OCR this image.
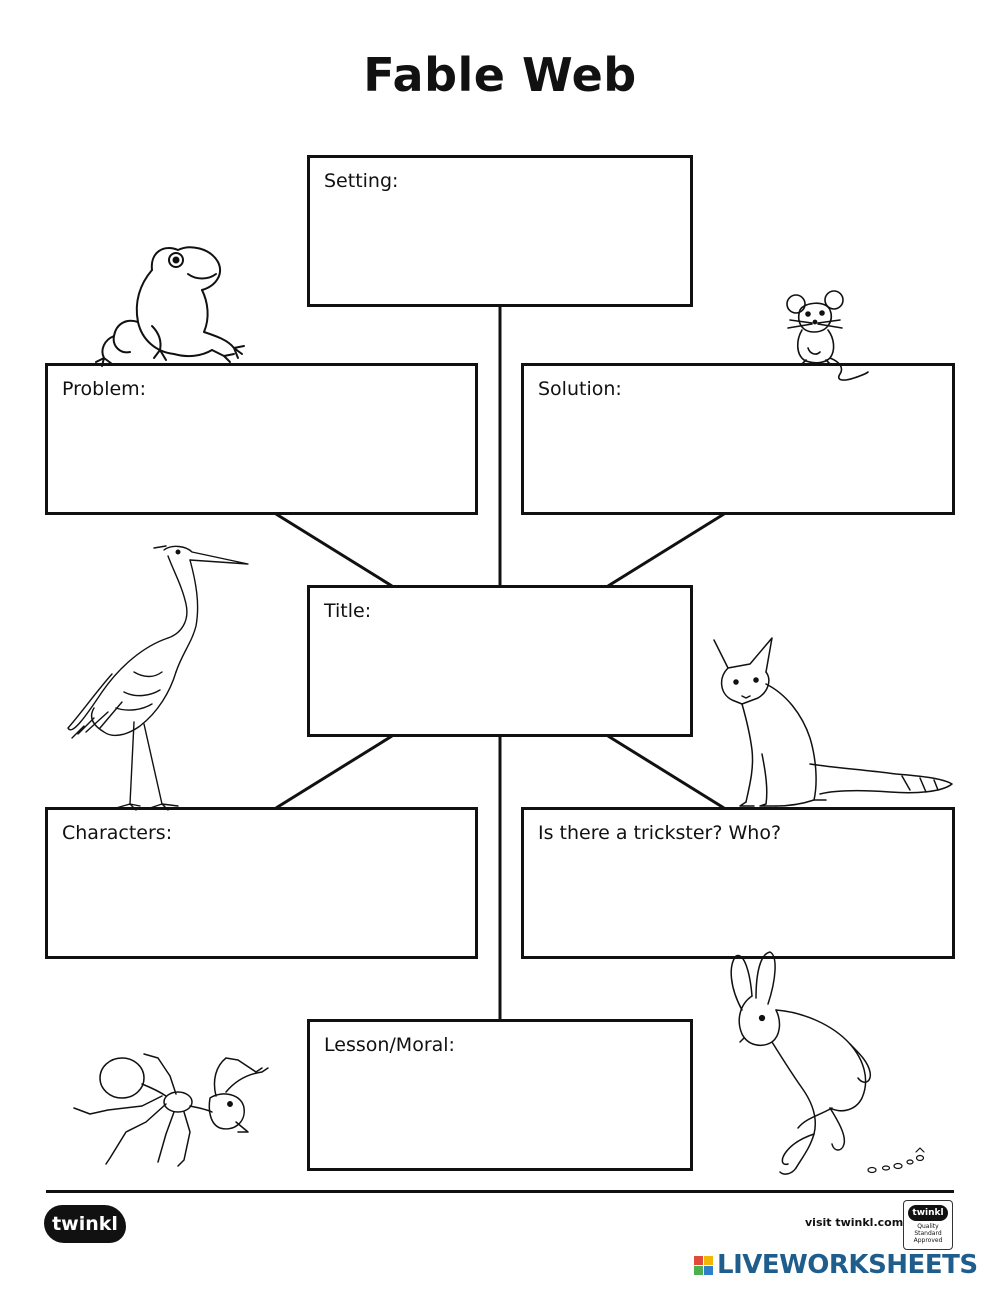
Fable Web
Setting:
Problem:	Solution:
Title:
Characters:	Is there a trickster? Who?
Lesson/Moral:
twinkl	visit twinkl.com
twinkl
Quality Standard Approved
LIVEWORKSHEETS
